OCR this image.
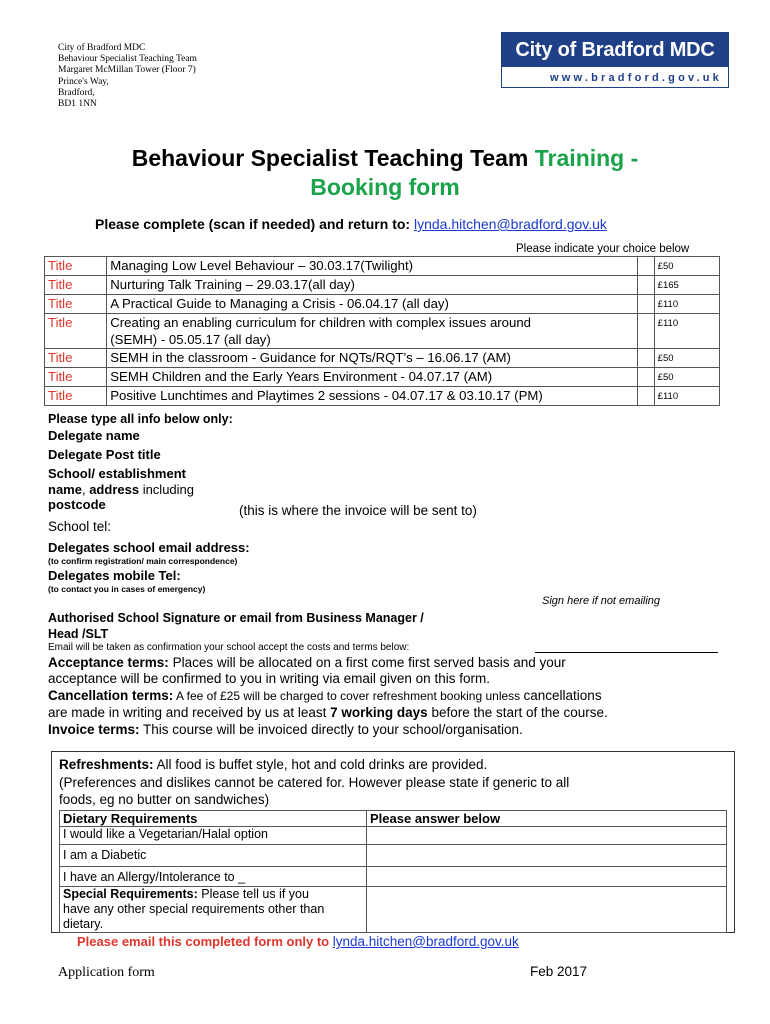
City of Bradford MDC
Behaviour Specialist Teaching Team
Margaret McMillan Tower (Floor 7)
Prince's Way,
Bradford,
BD1 1NN
City of Bradford MDC
www.bradford.gov.uk
Behaviour Specialist Teaching Team Training -
Booking form
Please complete (scan if needed) and return to: lynda.hitchen@bradford.gov.uk
Please indicate your choice below
Title	Managing Low Level Behaviour – 30.03.17(Twilight)		£50
Title	Nurturing Talk Training – 29.03.17(all day)		£165
Title	A Practical Guide to Managing a Crisis - 06.04.17 (all day)		£110
Title	Creating an enabling curriculum for children with complex issues around
(SEMH) - 05.05.17 (all day)		£110
Title	SEMH in the classroom - Guidance for NQTs/RQT’s – 16.06.17 (AM)		£50
Title	SEMH Children and the Early Years Environment - 04.07.17 (AM)		£50
Title	Positive Lunchtimes and Playtimes 2 sessions - 04.07.17 & 03.10.17 (PM)		£110
Please type all info below only:
Delegate name
Delegate Post title
School/ establishment
name, address including
postcode	(this is where the invoice will be sent to)
School tel:
Delegates school email address:
(to confirm registration/ main correspondence)
Delegates mobile Tel:
(to contact you in cases of emergency)
Sign here if not emailing
Authorised School Signature or email from Business Manager /
Head /SLT
Email will be taken as confirmation your school accept the costs and terms below:
Acceptance terms: Places will be allocated on a first come first served basis and your
acceptance will be confirmed to you in writing via email given on this form.
Cancellation terms: A fee of £25 will be charged to cover refreshment booking unless cancellations
are made in writing and received by us at least 7 working days before the start of the course.
Invoice terms: This course will be invoiced directly to your school/organisation.
Refreshments: All food is buffet style, hot and cold drinks are provided.
(Preferences and dislikes cannot be catered for. However please state if generic to all
foods, eg no butter on sandwiches)
Dietary Requirements	Please answer below
I would like a Vegetarian/Halal option	
I am a Diabetic	
I have an Allergy/Intolerance to _	
Special Requirements: Please tell us if you
have any other special requirements other than
dietary.	
Please email this completed form only to lynda.hitchen@bradford.gov.uk
Application form	Feb 2017
